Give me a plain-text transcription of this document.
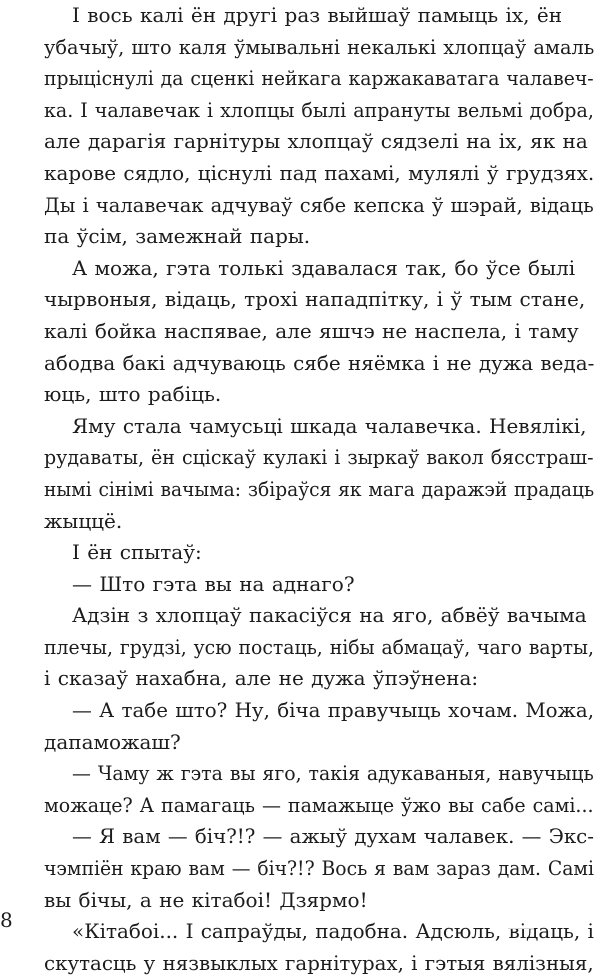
І вось калі ён другі раз выйшаў памыць іх, ён
убачыў, што каля ўмывальні некалькі хлопцаў амаль
прыціснулі да сценкі нейкага каржакаватага чалавеч-
ка. І чалавечак і хлопцы былі апрануты вельмі добра,
але дарагія гарнітуры хлопцаў сядзелі на іх, як на
карове сядло, ціснулі пад пахамі, мулялі ў грудзях.
Ды і чалавечак адчуваў сябе кепска ў шэрай, відаць
па ўсім, замежнай пары.
А можа, гэта толькі здавалася так, бо ўсе былі
чырвоныя, відаць, трохі нападпітку, і ў тым стане,
калі бойка наспявае, але яшчэ не наспела, і таму
абодва бакі адчуваюць сябе няёмка і не дужа веда-
юць, што рабіць.
Яму стала чамусьці шкада чалавечка. Невялікі,
рудаваты, ён сціскаў кулакі і зыркаў вакол бясстраш-
нымі сінімі вачыма: збіраўся як мага даражэй прадаць
жыццё.
І ён спытаў:
— Што гэта вы на аднаго?
Адзін з хлопцаў пакасіўся на яго, абвёў вачыма
плечы, грудзі, усю постаць, нібы абмацаў, чаго варты,
і сказаў нахабна, але не дужа ўпэўнена:
— А табе што? Ну, біча правучыць хочам. Можа,
дапаможаш?
— Чаму ж гэта вы яго, такія адукаваныя, навучыць
можаце? А памагаць — памажыце ўжо вы сабе самі...
— Я вам — біч?!? — ажыў духам чалавек. — Экс-
чэмпіён краю вам — біч?!? Вось я вам зараз дам. Самі
вы бічы, а не кітабоі! Дзярмо!
«Кітабоі... І сапраўды, падобна. Адсюль, відаць, і
скутасць у нязвыклых гарнітурах, і гэтыя вялізныя,
8
